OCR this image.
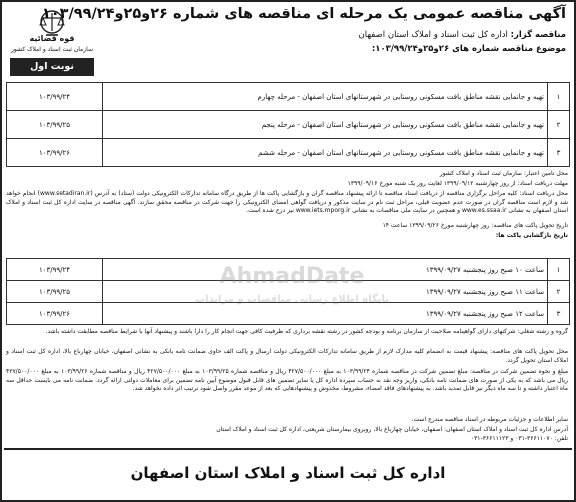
قوه قضائیه
سازمان ثبت اسناد و املاک کشور
نوبت اول
آگهی مناقصه عمومی یک مرحله ای مناقصه های شماره ۲۶و۲۵و۱۰۳/۹۹/۲۴
مناقصه گزار: اداره کل ثبت اسناد و املاک استان اصفهان
موضوع مناقصه شماره های ۲۶و۲۵و۱۰۳/۹۹/۲۴:
۱	تهیه و جانمایی نقشه مناطق بافت مسکونی روستایی در شهرستانهای استان اصفهان - مرحله چهارم	۱۰۳/۹۹/۲۴
۲	تهیه و جانمایی نقشه مناطق بافت مسکونی روستایی در شهرستانهای استان اصفهان - مرحله پنجم	۱۰۳/۹۹/۲۵
۳	تهیه و جانمایی نقشه مناطق بافت مسکونی روستایی در شهرستانهای استان اصفهان - مرحله ششم	۱۰۳/۹۹/۲۶
محل تامین اعتبار: سازمان ثبت اسناد و املاک کشور
مهلت دریافت اسناد: از روز چهارشنبه ۱۳۹۹/۰۹/۱۲ لغایت روز یک شنبه مورخ ۱۳۹۹/۰۹/۱۶
محل دریافت اسناد: کلیه مراحل برگزاری مناقصه از دریافت اسناد مناقصه تا ارائه پیشنهاد مناقصه گران و بازگشایی پاکت ها از طریق درگاه سامانه تدارکات الکترونیکی دولت (ستاد) به آدرس (www.setadiran.ir) انجام خواهد شد و لازم است مناقصه گران در صورت عدم عضویت قبلی، مراحل ثبت نام در سایت مذکور و دریافت گواهی امضای الکترونیکی را جهت شرکت در مناقصه محقق سازند. آگهی مناقصه در سایت اداره کل ثبت اسناد و املاک استان اصفهان به نشانی www.es.ssaa.ir و همچنین در سایت ملی مناقصات به نشانی www.iets.mporg.ir نیز درج شده است.
تاریخ تحویل پاکت های مناقصه: روز چهارشنبه مورخ ۱۳۹۹/۰۹/۲۶ ساعت ۱۴
تاریخ بازگشایی پاکت ها:
۱	ساعت ۱۰ صبح روز پنجشنبه ۱۳۹۹/۰۹/۲۷	۱۰۳/۹۹/۲۴
۲	ساعت ۱۱ صبح روز پنجشنبه ۱۳۹۹/۰۹/۲۷	۱۰۳/۹۹/۲۵
۳	ساعت ۱۲ صبح روز پنجشنبه ۱۳۹۹/۰۹/۲۷	۱۰۳/۹۹/۲۶
AhmadDate
پایگاه اطلاع رسانی مناقصات و مزایدات
گروه و رشته شغلی: شرکتهای دارای گواهینامه صلاحیت از سازمان برنامه و بودجه کشور در رشته نقشه برداری که ظرفیت کافی جهت انجام کار را دارا باشند و پیشنهاد آنها با شرایط مناقصه مطابقت داشته باشد.
محل تحویل پاکت های مناقصه: پیشنهاد قیمت به انضمام کلیه مدارک لازم از طریق سامانه تدارکات الکترونیکی دولت ارسال و پاکت الف حاوی ضمانت نامه بانکی به نشانی اصفهان، خیابان چهارباغ بالا، اداره کل ثبت اسناد و املاک استان تحویل گردد.
مبلغ و نحوه تضمین شرکت در مناقصه: مبلغ تضمین شرکت در مناقصه شماره ۱۰۳/۹۹/۲۴ به مبلغ ۴۲۷/۵۰۰/۰۰۰ ریال و مناقصه شماره ۱۰۳/۹۹/۲۵ به مبلغ ۴۲۷/۵۰۰/۰۰۰ ریال و مناقصه شماره ۱۰۳/۹۹/۲۶ به مبلغ ۴۲۷/۵۰۰/۰۰۰ ریال می باشد که به یکی از صورت های ضمانت نامه بانکی، واریز وجه نقد به حساب سپرده اداره کل یا سایر تضمین های قابل قبول موضوع آیین نامه تضمین برای معاملات دولتی ارائه گردد. ضمانت نامه می بایست حداقل سه ماه اعتبار داشته و تا سه ماه دیگر نیز قابل تمدید باشد. به پیشنهادهای فاقد امضاء، مشروط، مخدوش و پیشنهادهایی که بعد از موعد مقرر واصل شود ترتیب اثر داده نخواهد شد.
سایر اطلاعات و جزئیات مربوطه در اسناد مناقصه مندرج است.
آدرس اداره کل ثبت اسناد و املاک استان اصفهان: اصفهان، خیابان چهارباغ بالا، روبروی بیمارستان شریعتی، اداره کل ثبت اسناد و املاک استان
تلفن: ۳۶۶۱۱۰۷۰-۰۳۱ و ۳۶۶۱۱۱۲۳-۰۳۱
اداره کل ثبت اسناد و املاک استان اصفهان
